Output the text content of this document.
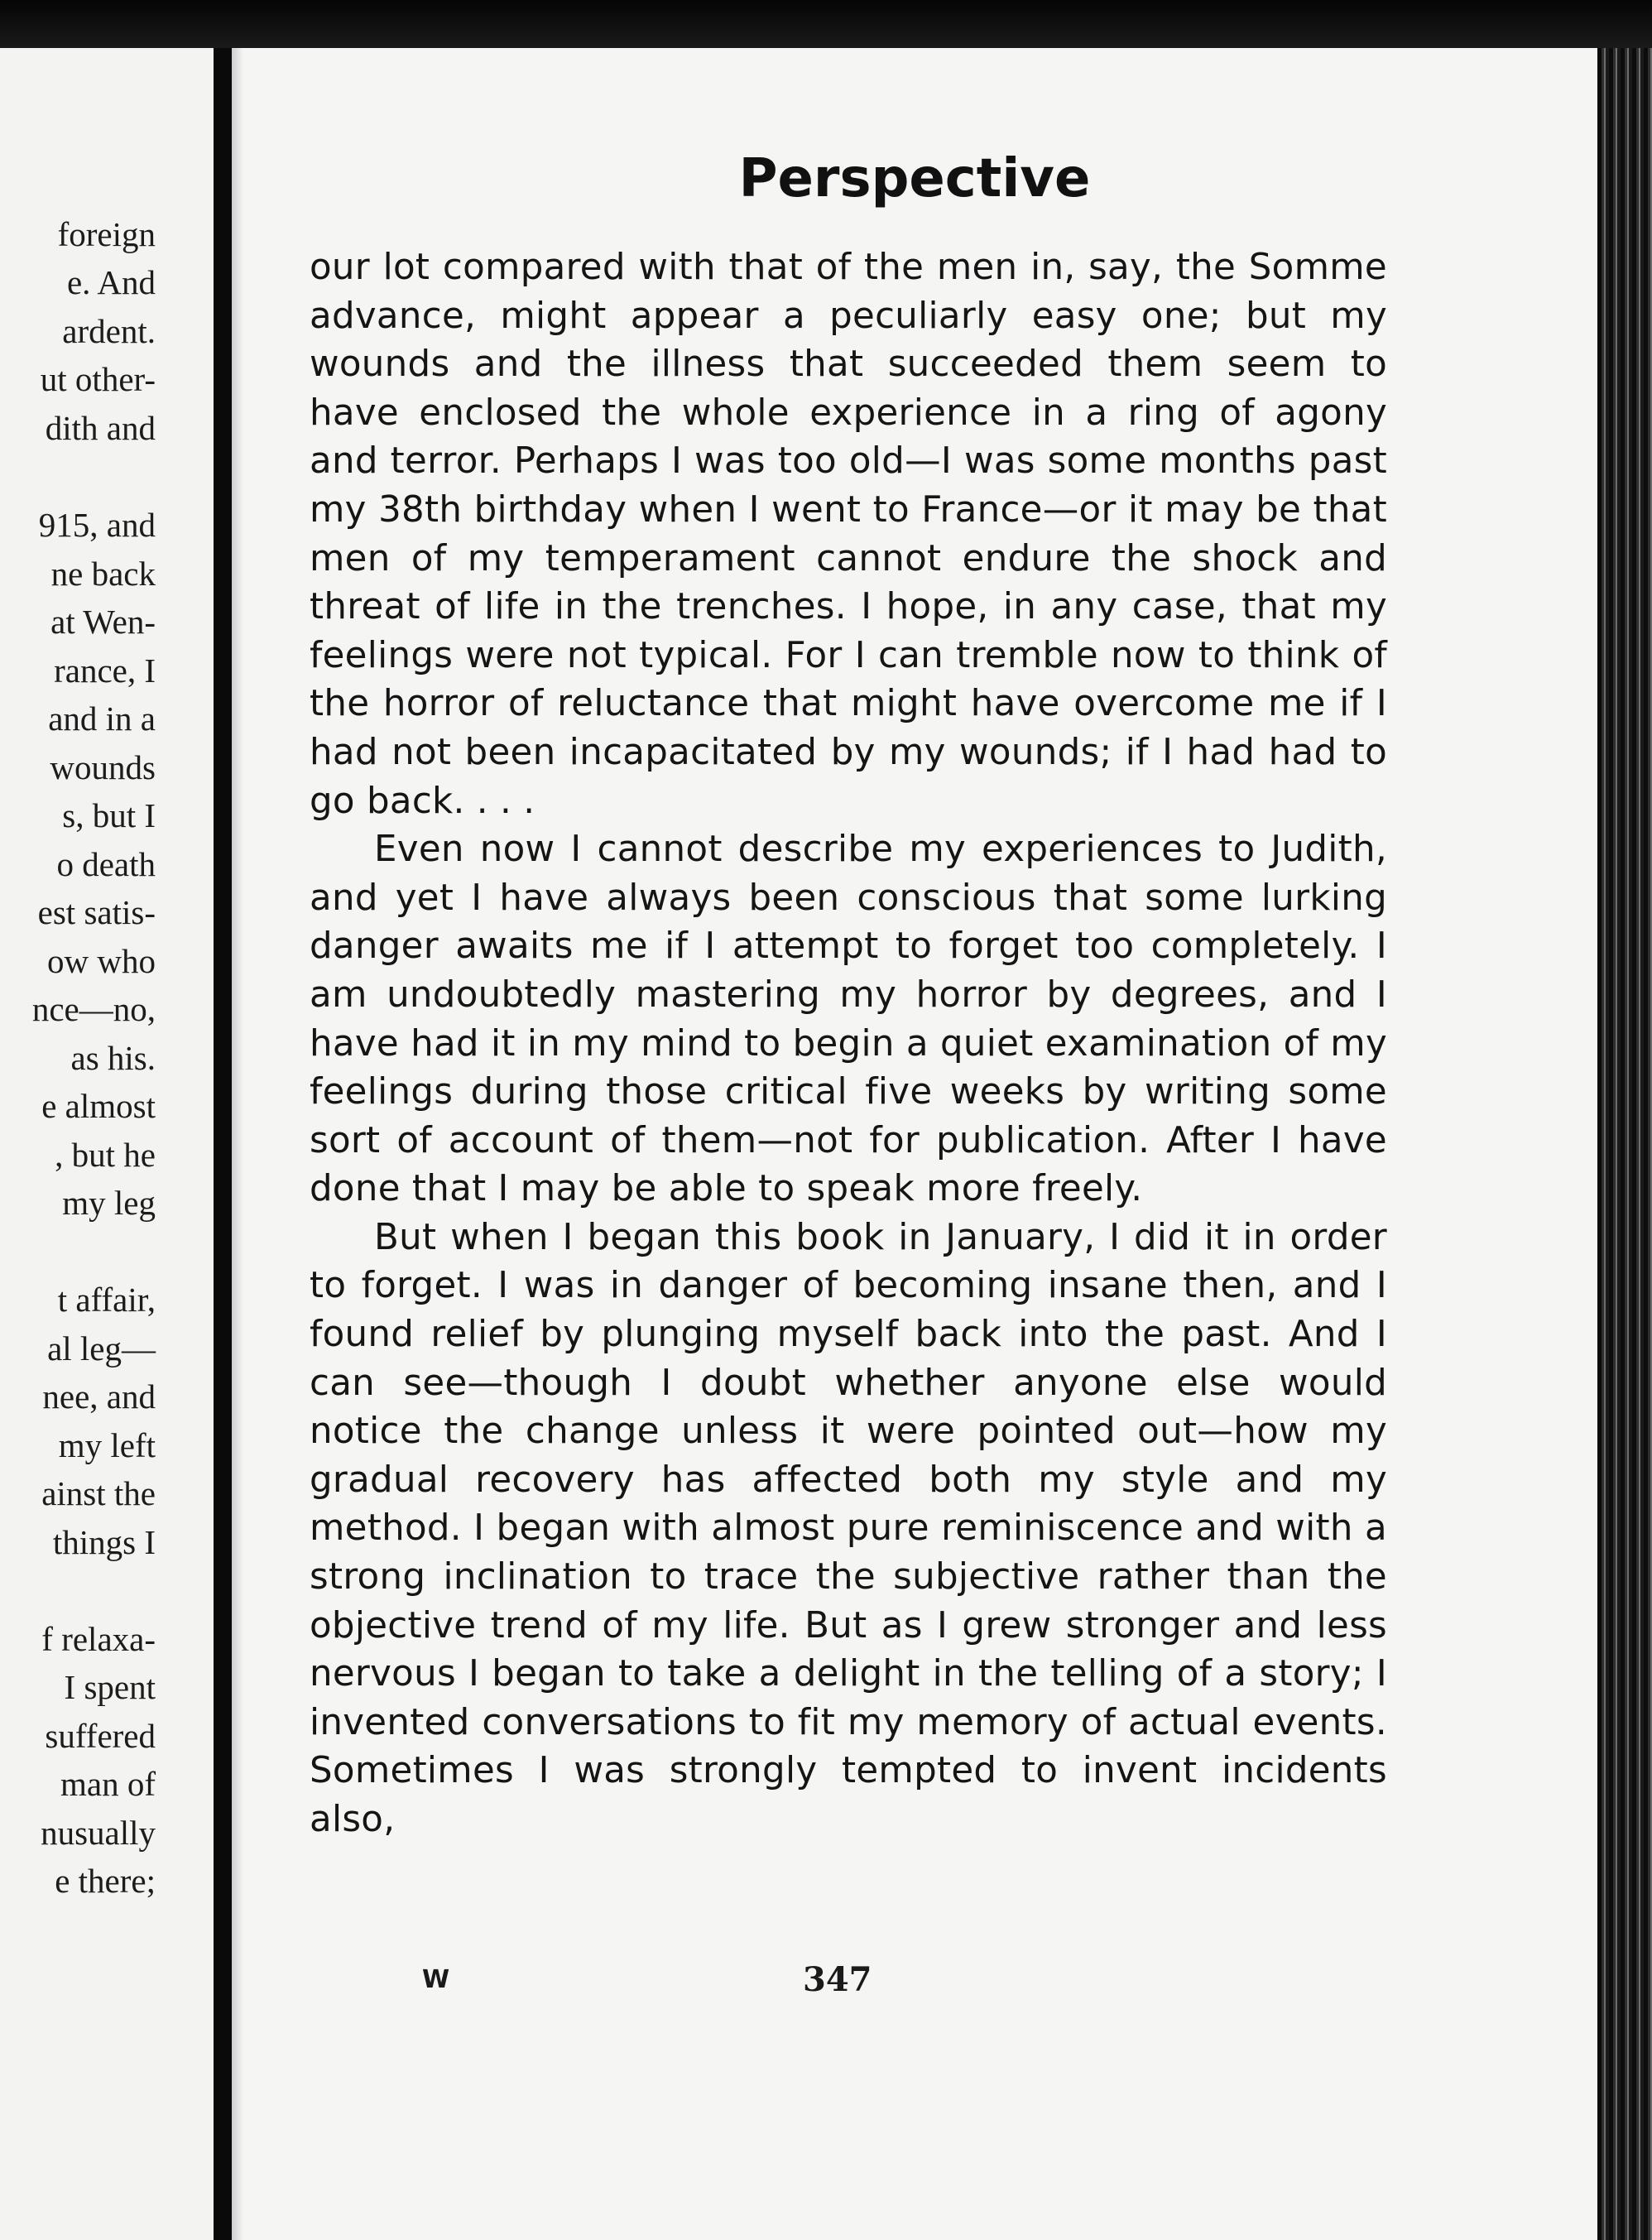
foreign

e. And

ardent.

ut other-

dith and

915, and

ne back

at Wen-

rance, I

and in a

wounds

s, but I

o death

est satis-

ow who

nce—no,

as his.

e almost

, but he

my leg

t affair,

al leg—

nee, and

my left

ainst the

things I

f relaxa-

I spent

suffered

man of

nusually

e there;

Perspective

our lot compared with that of the men in, say, the Somme advance, might appear a peculiarly easy one; but my wounds and the illness that succeeded them seem to have enclosed the whole experience in a ring of agony and terror. Perhaps I was too old—I was some months past my 38th birthday when I went to France—or it may be that men of my temperament cannot endure the shock and threat of life in the trenches. I hope, in any case, that my feelings were not typical. For I can tremble now to think of the horror of reluctance that might have overcome me if I had not been incapacitated by my wounds; if I had had to go back. . . .

Even now I cannot describe my experiences to Judith, and yet I have always been conscious that some lurking danger awaits me if I attempt to forget too completely. I am undoubtedly mastering my horror by degrees, and I have had it in my mind to begin a quiet examination of my feelings during those critical five weeks by writing some sort of account of them—not for publication. After I have done that I may be able to speak more freely.

But when I began this book in January, I did it in order to forget. I was in danger of becoming insane then, and I found relief by plunging myself back into the past. And I can see—though I doubt whether anyone else would notice the change unless it were pointed out—how my gradual recovery has affected both my style and my method. I began with almost pure reminiscence and with a strong inclination to trace the subjective rather than the objective trend of my life. But as I grew stronger and less nervous I began to take a delight in the telling of a story; I invented conversations to fit my memory of actual events. Sometimes I was strongly tempted to invent incidents also,

W	347
